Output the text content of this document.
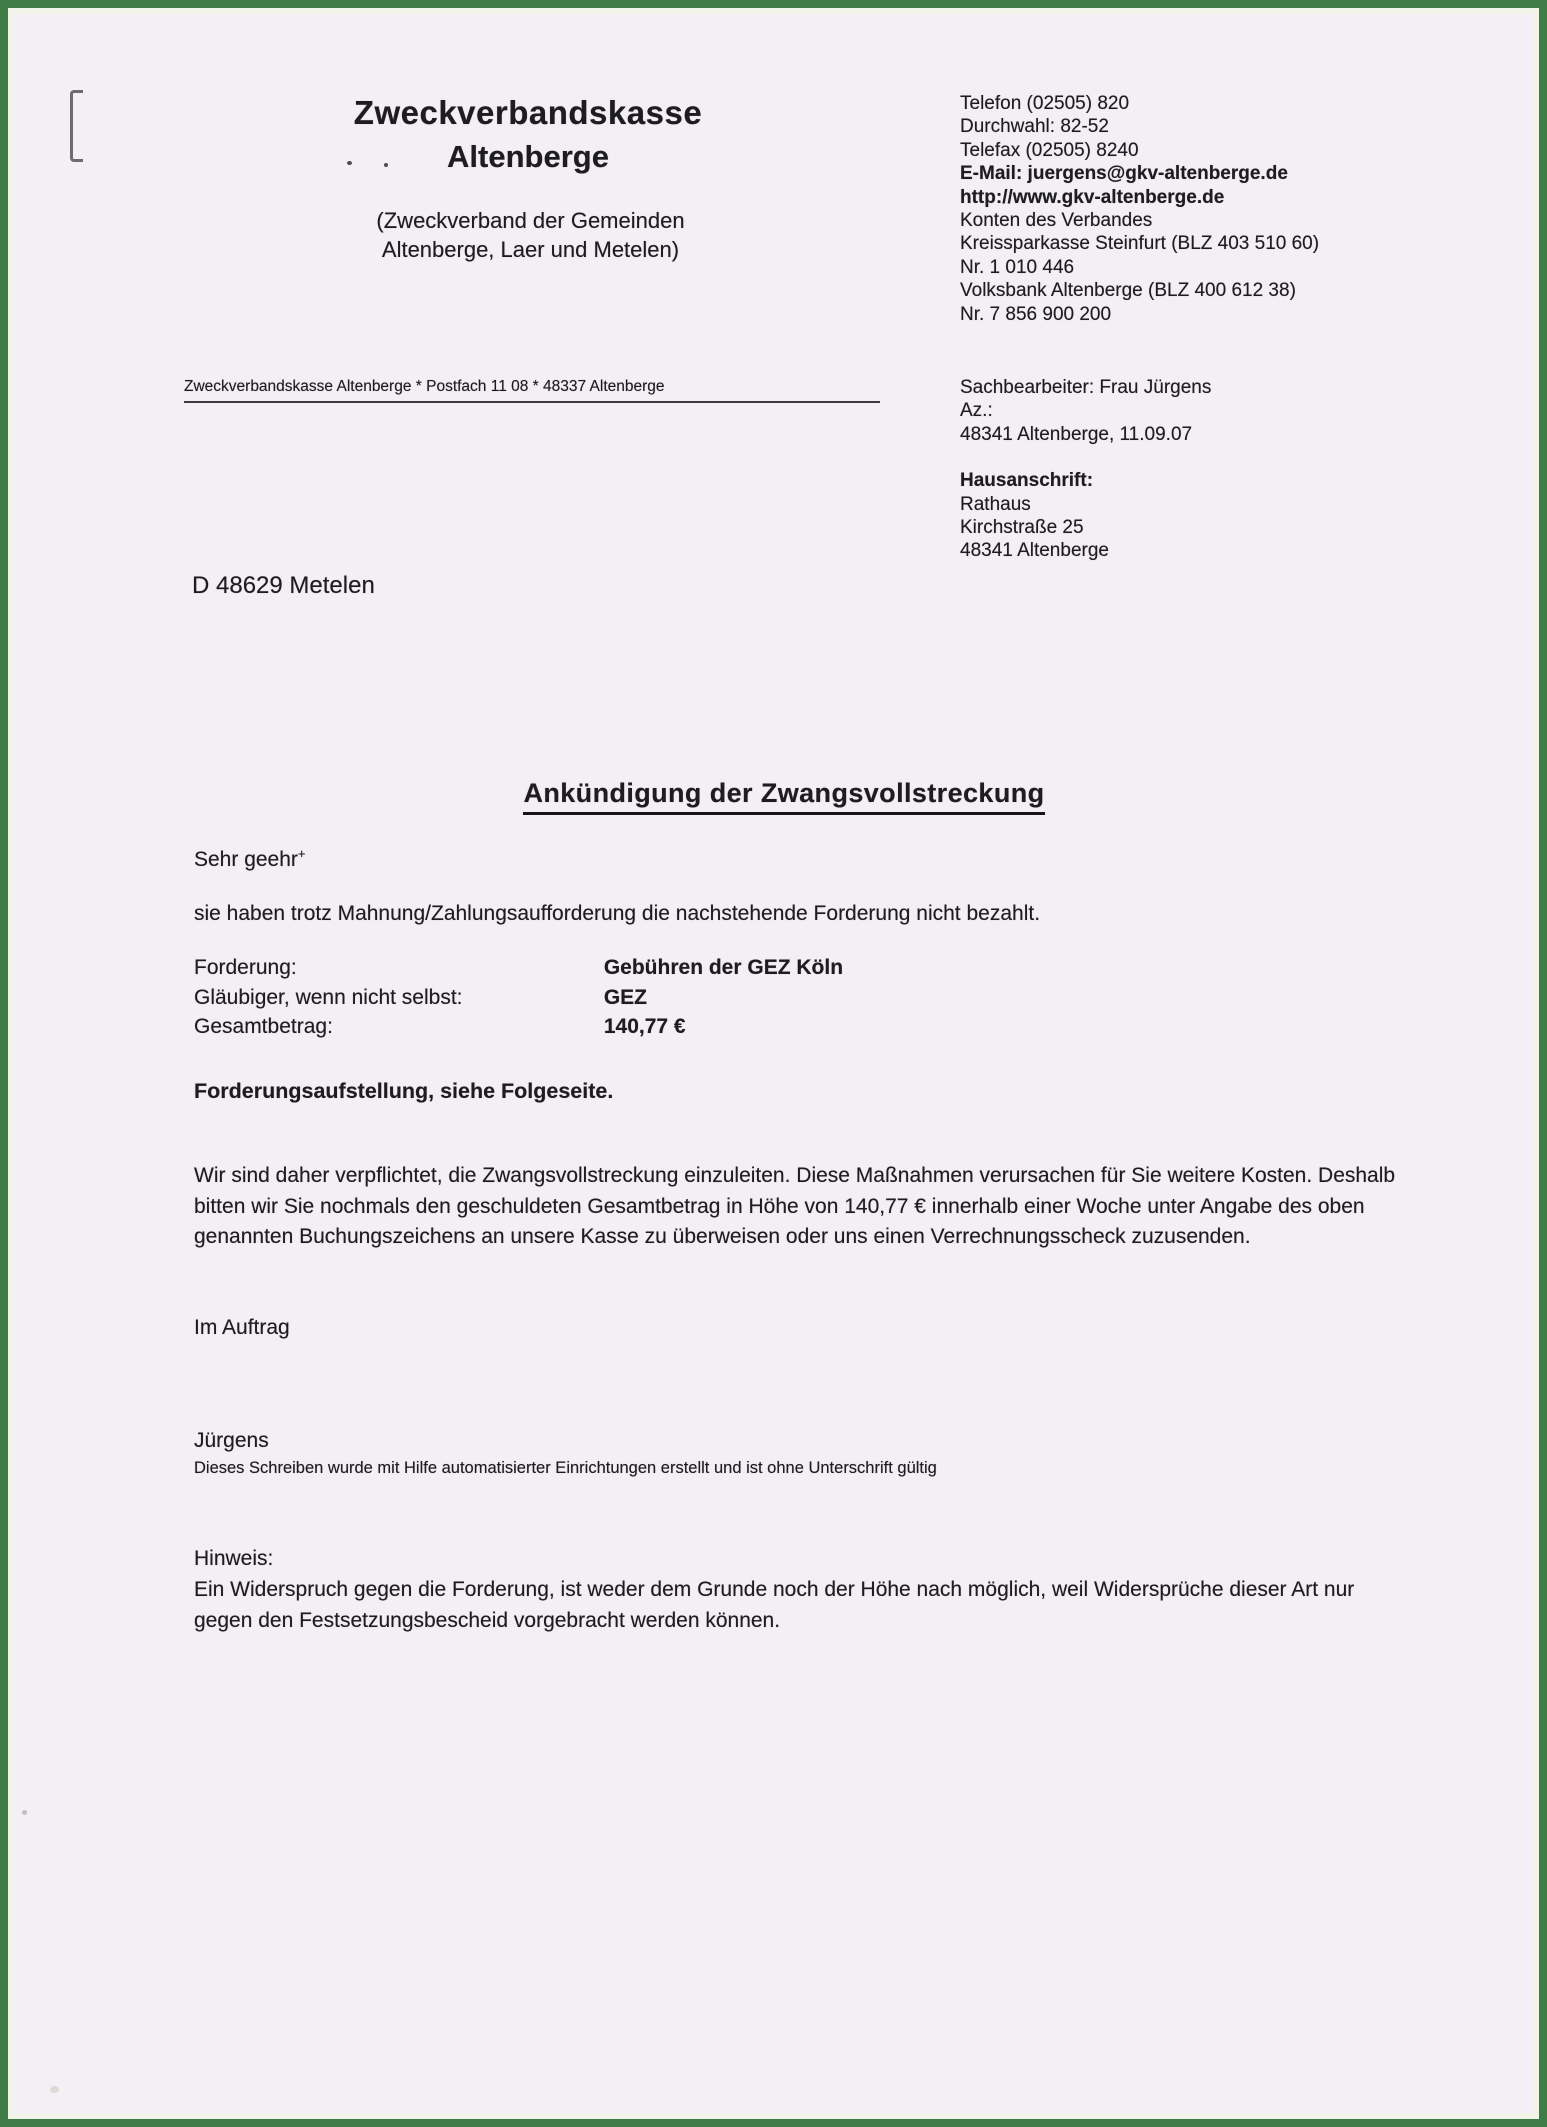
Zweckverbandskasse
Altenberge
(Zweckverband der Gemeinden
Altenberge, Laer und Metelen)
Telefon (02505) 820
Durchwahl: 82-52
Telefax (02505) 8240
E-Mail: juergens@gkv-altenberge.de
http://www.gkv-altenberge.de
Konten des Verbandes
Kreissparkasse Steinfurt (BLZ 403 510 60)
Nr. 1 010 446
Volksbank Altenberge (BLZ 400 612 38)
Nr. 7 856 900 200
Zweckverbandskasse Altenberge * Postfach 11 08 * 48337 Altenberge	Sachbearbeiter: Frau Jürgens
Az.:
48341 Altenberge, 11.09.07
Hausanschrift:
Rathaus
Kirchstraße 25
48341 Altenberge
D 48629 Metelen
Ankündigung der Zwangsvollstreckung
Sehr geehr+
sie haben trotz Mahnung/Zahlungsaufforderung die nachstehende Forderung nicht bezahlt.
Forderung:	Gebühren der GEZ Köln
Gläubiger, wenn nicht selbst:	GEZ
Gesamtbetrag:	140,77 €
Forderungsaufstellung, siehe Folgeseite.
Wir sind daher verpflichtet, die Zwangsvollstreckung einzuleiten. Diese Maßnahmen verursachen für Sie weitere Kosten. Deshalb bitten wir Sie nochmals den geschuldeten Gesamtbetrag in Höhe von 140,77 € innerhalb einer Woche unter Angabe des oben genannten Buchungszeichens an unsere Kasse zu überweisen oder uns einen Verrechnungsscheck zuzusenden.
Im Auftrag
Jürgens
Dieses Schreiben wurde mit Hilfe automatisierter Einrichtungen erstellt und ist ohne Unterschrift gültig
Hinweis:
Ein Widerspruch gegen die Forderung, ist weder dem Grunde noch der Höhe nach möglich, weil Widersprüche dieser Art nur gegen den Festsetzungsbescheid vorgebracht werden können.
